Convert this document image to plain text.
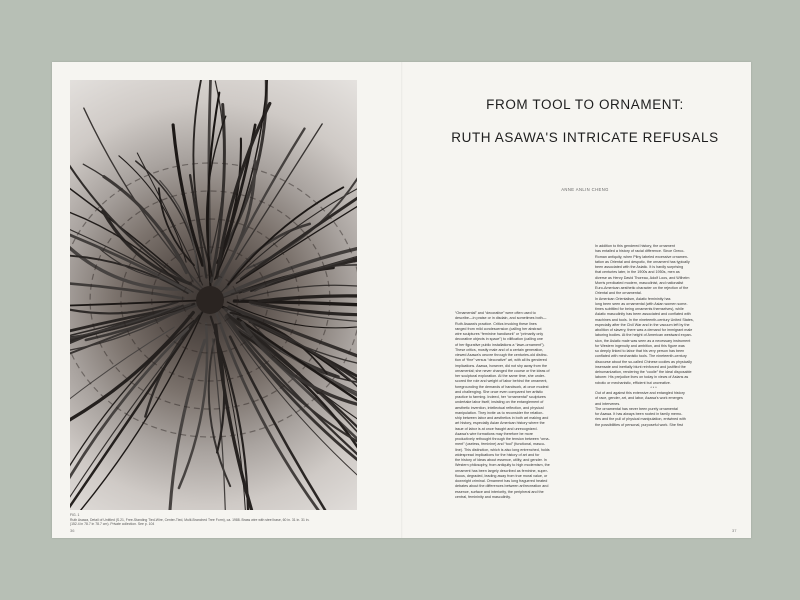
FIG. 1
Ruth Asawa, Detail of Untitled (S.21, Free-Standing Tied-Wire, Center-Tied, Multi-Branched Tree Form), ca. 1988. Brass wire with steel base, 60 in. 31 in. 31 in.
(152.4 in 78.7 in 78.7 cm). Private collection. See p. 104
36
FROM TOOL TO ORNAMENT:
RUTH ASAWA'S INTRICATE REFUSALS
ANNE ANLIN CHENG
“Ornamental” and “decorative” were often used to
describe—in praise or in disdain, and sometimes both—
Ruth Asawa's practice. Critics invoking these lines
ranged from mild condescension (calling her abstract
wire sculptures “feminine handiwork” or “primarily only
decorative objects in space”) to vilification (calling one
of her figurative public installations a “lawn-ornament”).
These critics, mostly male and of a certain generation,
viewed Asawa's oeuvre through the centuries-old distinc-
tion of “fine” versus “decorative” art, with all its gendered
implications. Asawa, however, did not shy away from the
ornamental; she never changed the course or the ideas of
her sculptural exploration. At the same time, she under-
scored the role and weight of labor behind the ornament,
foregrounding the demands of handwork, at once modest
and challenging. She once even compared her artistic
practice to farming. Indeed, her “ornamental” sculptures
undertake labor itself, insisting on the entanglement of
aesthetic invention, intellectual reflection, and physical
manipulation. They invite us to reconsider the relation-
ship between labor and aesthetics in both art making and
art history, especially Asian American history where the
issue of labor is at once fraught and unrecognized.
Asawa's wire formations may therefore be more
productively rethought through the tension between “orna-
ment” (useless, feminine) and “tool” (functional, mascu-
line). This distinction, which is also long entrenched, holds
widespread implications for the history of art and for
the history of ideas about essence, utility, and gender. In
Western philosophy, from antiquity to high modernism, the
ornament has been largely described as feminine, super-
fluous, degraded, leading away from true moral value, or
downright criminal. Ornament has long fraguered heated
debates about the differences between art/recreation and
essence, surface and interiority, the peripheral and the
central, femininity and masculinity.
In addition to this gendered history, the ornament
has entailed a history of racial difference. Since Greco-
Roman antiquity, when Pliny labeled excessive ornamen-
tation as Oriental and despotic, the ornament has typically
been associated with the Asiatic. It is hardly surprising
that centuries later, in the 1900s and 1950s, men as
diverse as Henry David Thoreau, Adolf Loos, and Wilhelm
Morris predicated modern, masculinist, and nationalist
Euro-American aesthetic character on the rejection of the
Oriental and the ornamental.
In American Orientalism, Asiatic femininity has
long been seen as ornamental (with Asian women some-
times subtitled for being ornaments themselves), while
Asiatic masculinity has been associated and conflated with
machines and tools. In the nineteenth-century United States,
especially after the Civil War and in the vacuum left by the
abolition of slavery, there was a demand for immigrant male
laboring bodies. At the height of American westward expan-
sion, the Asiatic male was seen as a necessary instrument
for Western ingenuity and ambition, and this figure was
so deeply linked to labor that his very person has been
conflated with mechanistic tools. The nineteenth-century
discourse about the so-called Chinese coolies as physically
insensate and inertially blunt reinforced and justified the
dehumanization, rendering the “coolie” the ideal disposable
laborer. His prejudice lives on today in views of Asians as
robotic or mechanistic, efficient but uncreative.
***
Out of and against this extensive and entangled history
of race, gender, art, and labor, Asawa's work emerges
and intervenes.
The ornamental has never been purely ornamental
for Asawa. It has always been rooted in family memo-
ries and the pull of physical manipulation, entwined with
the possibilities of personal, purposeful work. She first
37
